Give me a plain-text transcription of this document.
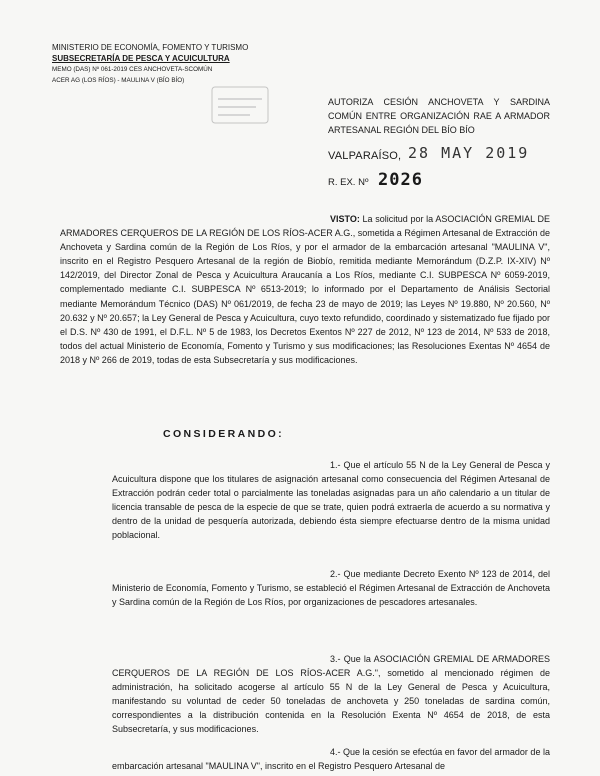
MINISTERIO DE ECONOMÍA, FOMENTO Y TURISMO
SUBSECRETARÍA DE PESCA Y ACUICULTURA
MEMO (DAS) Nº 061-2019 CES ANCHOVETA-SCOMÚN
ACER AG (LOS RÍOS) - MAULINA V (BÍO BÍO)
AUTORIZA CESIÓN ANCHOVETA Y SARDINA COMÚN ENTRE ORGANIZACIÓN RAE A ARMADOR ARTESANAL REGIÓN DEL BÍO BÍO
VALPARAÍSO, 28 MAY 2019
R. EX. Nº 2026
VISTO: La solicitud por la ASOCIACIÓN GREMIAL DE ARMADORES CERQUEROS DE LA REGIÓN DE LOS RÍOS-ACER A.G., sometida a Régimen Artesanal de Extracción de Anchoveta y Sardina común de la Región de Los Ríos, y por el armador de la embarcación artesanal "MAULINA V", inscrito en el Registro Pesquero Artesanal de la región de Biobío, remitida mediante Memorándum (D.Z.P. IX-XIV) Nº 142/2019, del Director Zonal de Pesca y Acuicultura Araucanía a Los Ríos, mediante C.I. SUBPESCA Nº 6059-2019, complementado mediante C.I. SUBPESCA Nº 6513-2019; lo informado por el Departamento de Análisis Sectorial mediante Memorándum Técnico (DAS) Nº 061/2019, de fecha 23 de mayo de 2019; las Leyes Nº 19.880, Nº 20.560, Nº 20.632 y Nº 20.657; la Ley General de Pesca y Acuicultura, cuyo texto refundido, coordinado y sistematizado fue fijado por el D.S. Nº 430 de 1991, el D.F.L. Nº 5 de 1983, los Decretos Exentos Nº 227 de 2012, Nº 123 de 2014, Nº 533 de 2018, todos del actual Ministerio de Economía, Fomento y Turismo y sus modificaciones; las Resoluciones Exentas Nº 4654 de 2018 y Nº 266 de 2019, todas de esta Subsecretaría y sus modificaciones.
CONSIDERANDO:
1.- Que el artículo 55 N de la Ley General de Pesca y Acuicultura dispone que los titulares de asignación artesanal como consecuencia del Régimen Artesanal de Extracción podrán ceder total o parcialmente las toneladas asignadas para un año calendario a un titular de licencia transable de pesca de la especie de que se trate, quien podrá extraerla de acuerdo a su normativa y dentro de la unidad de pesquería autorizada, debiendo ésta siempre efectuarse dentro de la misma unidad poblacional.
2.- Que mediante Decreto Exento Nº 123 de 2014, del Ministerio de Economía, Fomento y Turismo, se estableció el Régimen Artesanal de Extracción de Anchoveta y Sardina común de la Región de Los Ríos, por organizaciones de pescadores artesanales.
3.- Que la ASOCIACIÓN GREMIAL DE ARMADORES CERQUEROS DE LA REGIÓN DE LOS RÍOS-ACER A.G.", sometido al mencionado régimen de administración, ha solicitado acogerse al artículo 55 N de la Ley General de Pesca y Acuicultura, manifestando su voluntad de ceder 50 toneladas de anchoveta y 250 toneladas de sardina común, correspondientes a la distribución contenida en la Resolución Exenta Nº 4654 de 2018, de esta Subsecretaría, y sus modificaciones.
4.- Que la cesión se efectúa en favor del armador de la embarcación artesanal "MAULINA V", inscrito en el Registro Pesquero Artesanal de
